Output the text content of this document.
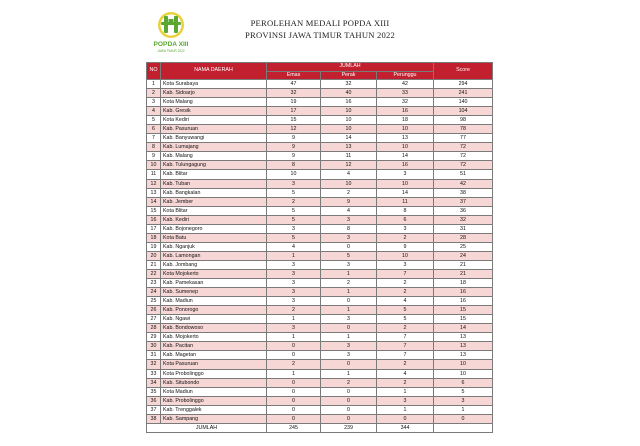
POPDA XIII
JAWA TIMUR 2022
PEROLEHAN MEDALI POPDA XIII
PROVINSI JAWA TIMUR TAHUN 2022
NO	NAMA DAERAH	JUMLAH			Score
		Emas	Perak	Perunggu	
1	Kota Surabaya	47	32	42	294
2	Kab. Sidoarjo	32	40	33	241
3	Kota Malang	19	16	32	140
4	Kab. Gresik	17	10	16	104
5	Kota Kediri	15	10	18	98
6	Kab. Pasuruan	12	10	10	78
7	Kab. Banyuwangi	9	14	13	77
8	Kab. Lumajang	9	13	10	72
9	Kab. Malang	9	11	14	72
10	Kab. Tulungagung	8	12	16	72
11	Kab. Blitar	10	4	3	51
12	Kab. Tuban	3	10	10	42
13	Kab. Bangkalan	5	2	14	38
14	Kab. Jember	2	9	11	37
15	Kota Blitar	5	4	8	36
16	Kab. Kediri	5	3	6	32
17	Kab. Bojonegoro	3	8	3	31
18	Kota Batu	5	3	2	28
19	Kab. Nganjuk	4	0	9	25
20	Kab. Lamongan	1	5	10	24
21	Kab. Jombang	3	3	3	21
22	Kota Mojokerto	3	1	7	21
23	Kab. Pamekasan	3	2	2	18
24	Kab. Sumenep	3	1	2	16
25	Kab. Madiun	3	0	4	16
26	Kab. Ponorogo	2	1	5	15
27	Kab. Ngawi	1	3	5	15
28	Kab. Bondowoso	3	0	2	14
29	Kab. Mojokerto	1	1	7	13
30	Kab. Pacitan	0	3	7	13
31	Kab. Magetan	0	3	7	13
32	Kota Pasuruan	2	0	2	10
33	Kota Probolinggo	1	1	4	10
34	Kab. Situbondo	0	2	2	6
35	Kota Madiun	0	0	1	5
36	Kab. Probolinggo	0	0	3	3
37	Kab. Trenggalek	0	0	1	1
38	Kab. Sampang	0	0	0	0
JUMLAH		245	239	344	
